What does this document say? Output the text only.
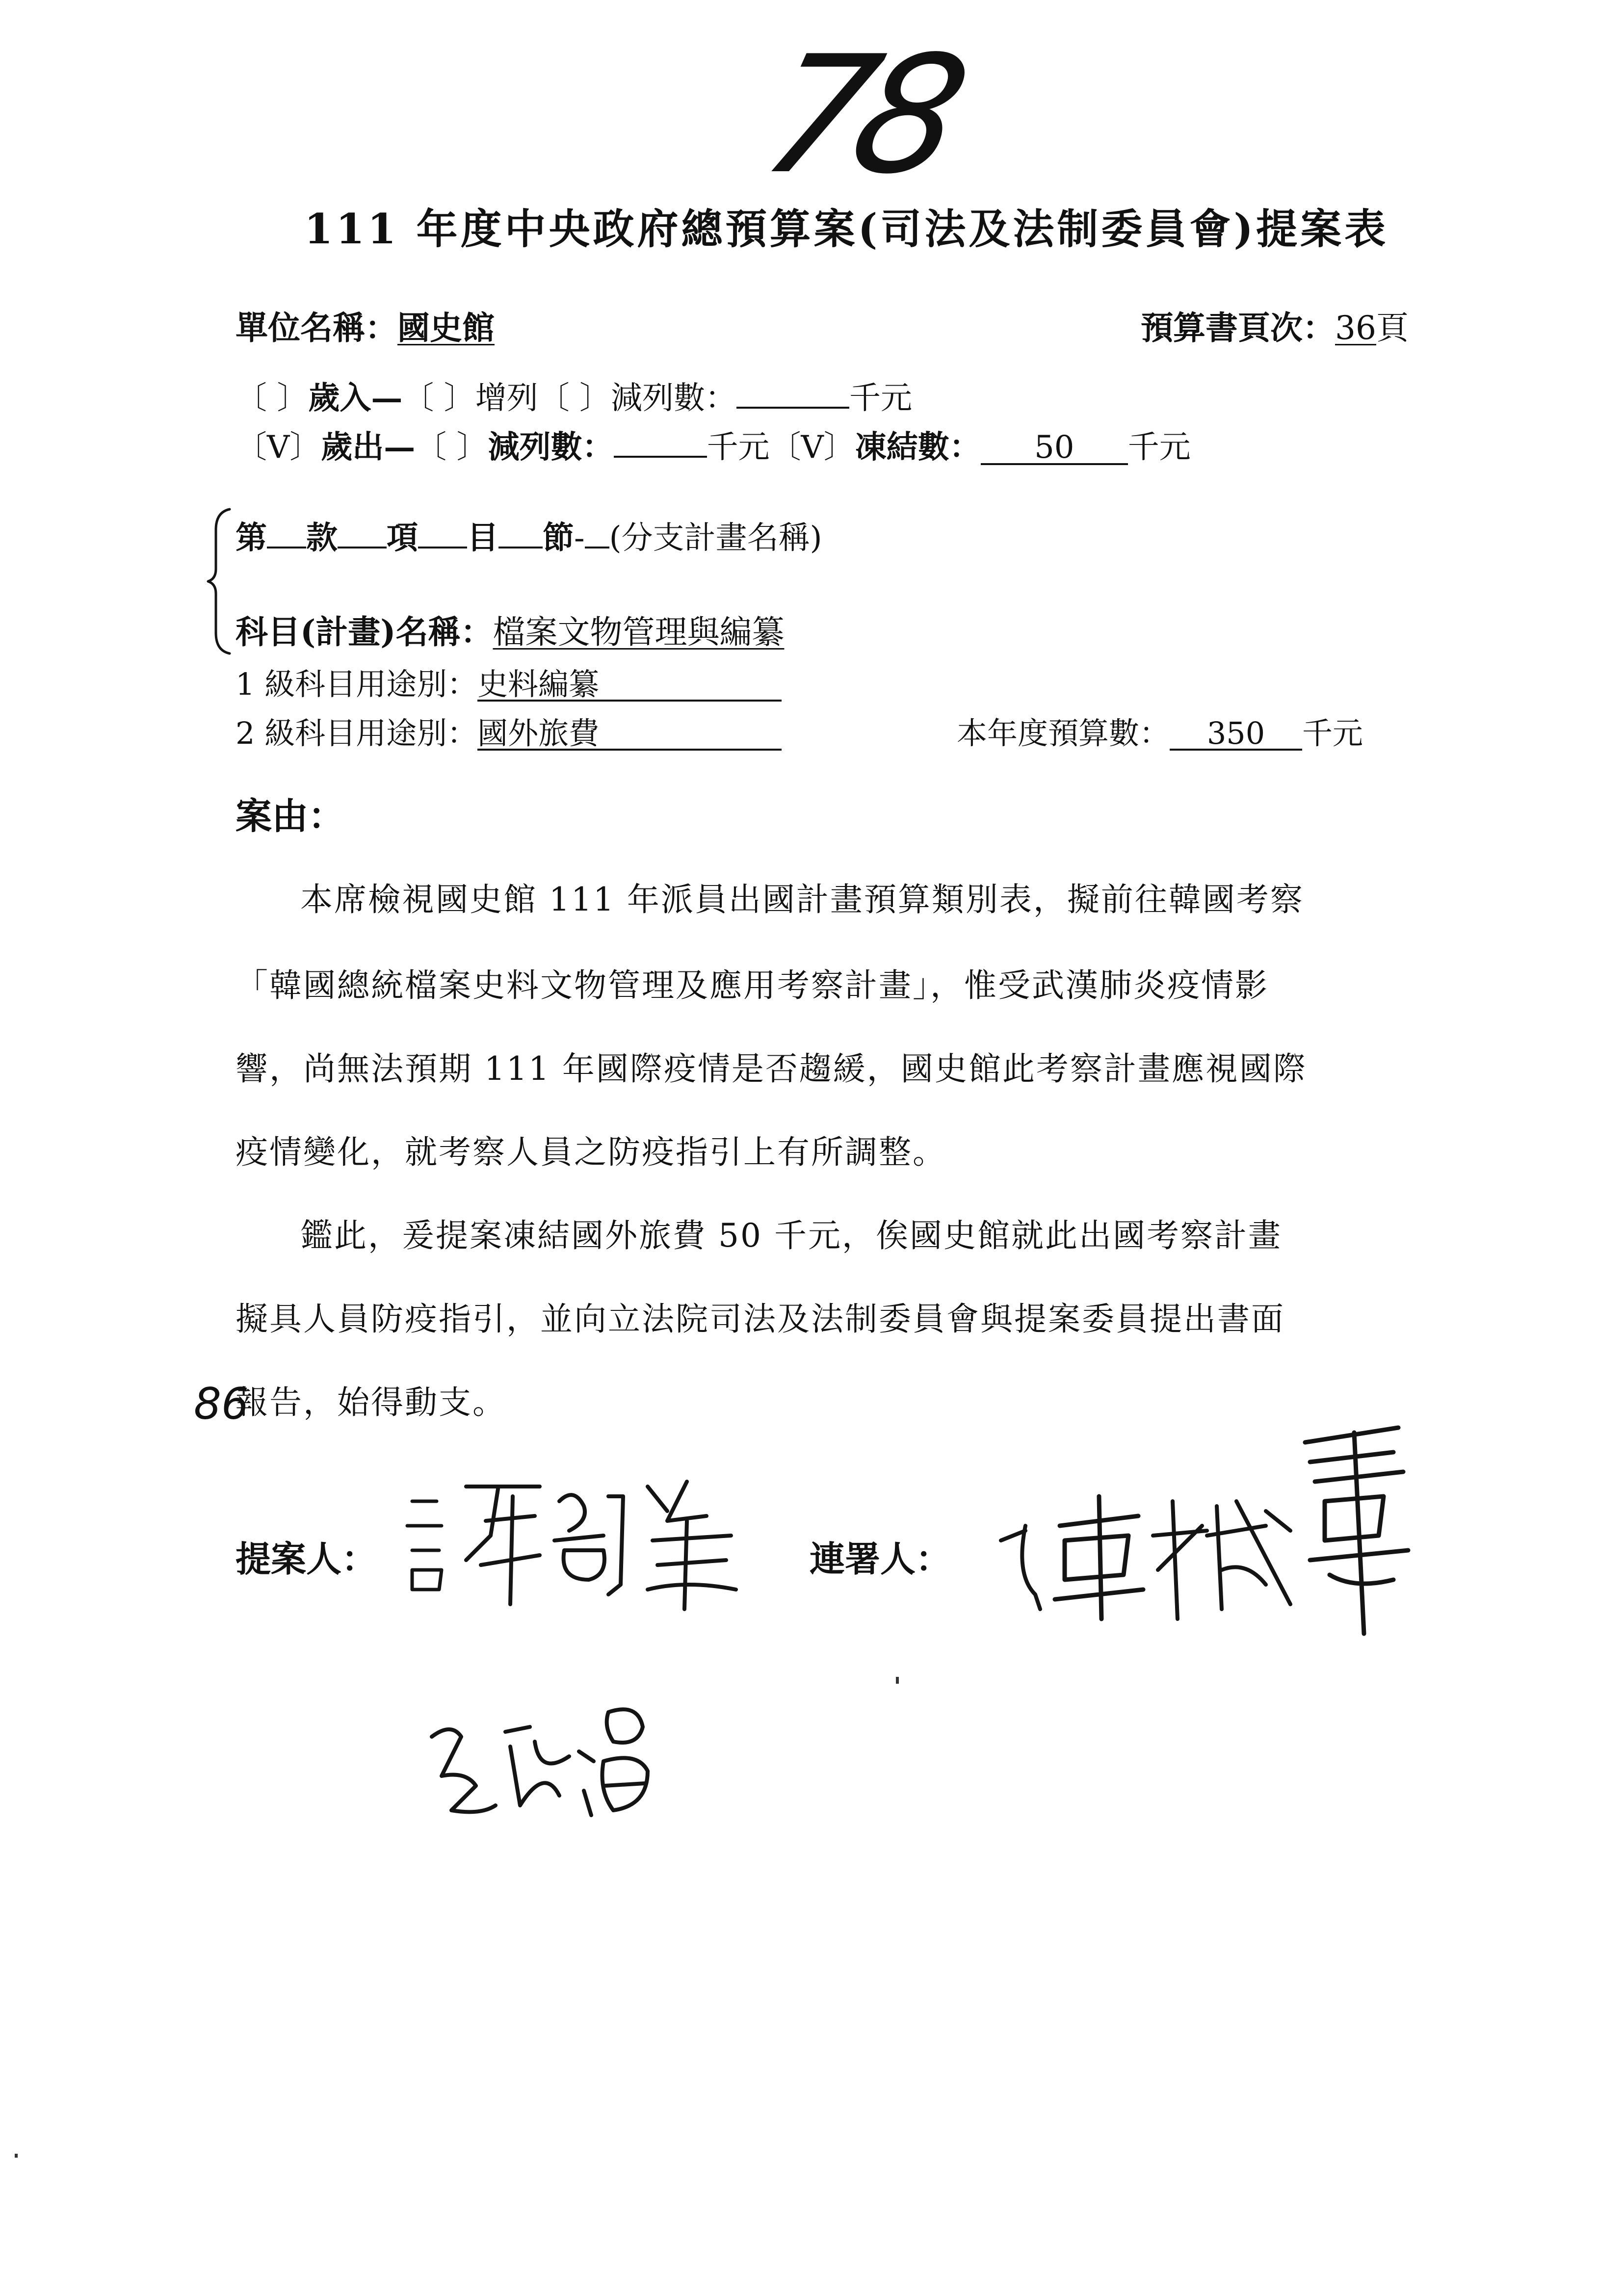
78
111 年度中央政府總預算案(司法及法制委員會)提案表
單位名稱：國史館	預算書頁次：36頁
〔 〕歲入—〔 〕增列〔 〕減列數：	千元
〔V〕歲出—〔 〕減列數：	千元〔V〕凍結數： 50 千元
第 款 項 目 節- (分支計畫名稱)
科目(計畫)名稱：檔案文物管理與編纂
1 級科目用途別：史料編纂
2 級科目用途別：國外旅費	本年度預算數： 350 千元
案由：
本席檢視國史館 111 年派員出國計畫預算類別表，擬前往韓國考察
「韓國總統檔案史料文物管理及應用考察計畫」，惟受武漢肺炎疫情影
響，尚無法預期 111 年國際疫情是否趨緩，國史館此考察計畫應視國際
疫情變化，就考察人員之防疫指引上有所調整。
鑑此，爰提案凍結國外旅費 50 千元，俟國史館就此出國考察計畫
擬具人員防疫指引，並向立法院司法及法制委員會與提案委員提出書面
報告，始得動支。
86
提案人：	連署人：
